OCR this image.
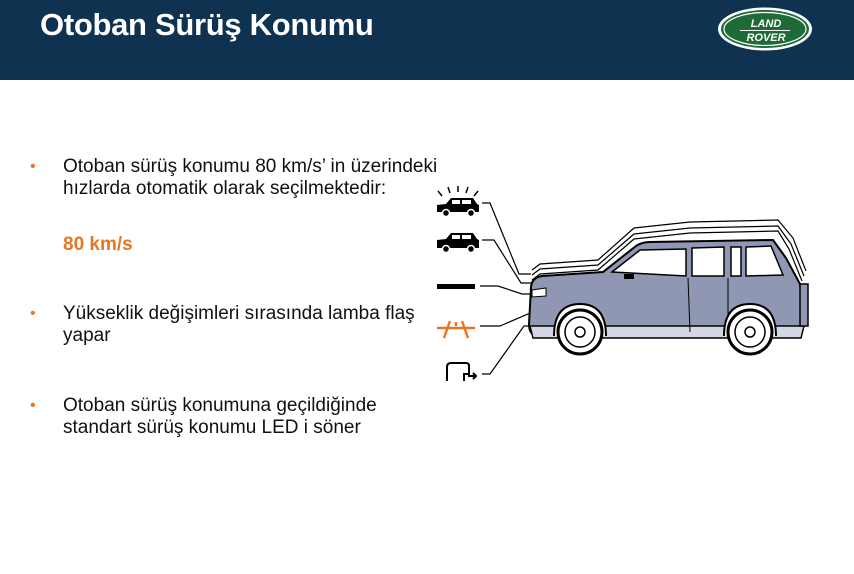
Otoban Sürüş Konumu	LAND
ROVER
• Otoban sürüş konumu 80 km/s’ in üzerindeki hızlarda otomatik olarak seçilmektedir:
80 km/s
• Yükseklik değişimleri sırasında lamba flaş yapar
• Otoban sürüş konumuna geçildiğinde standart sürüş konumu LED i söner
